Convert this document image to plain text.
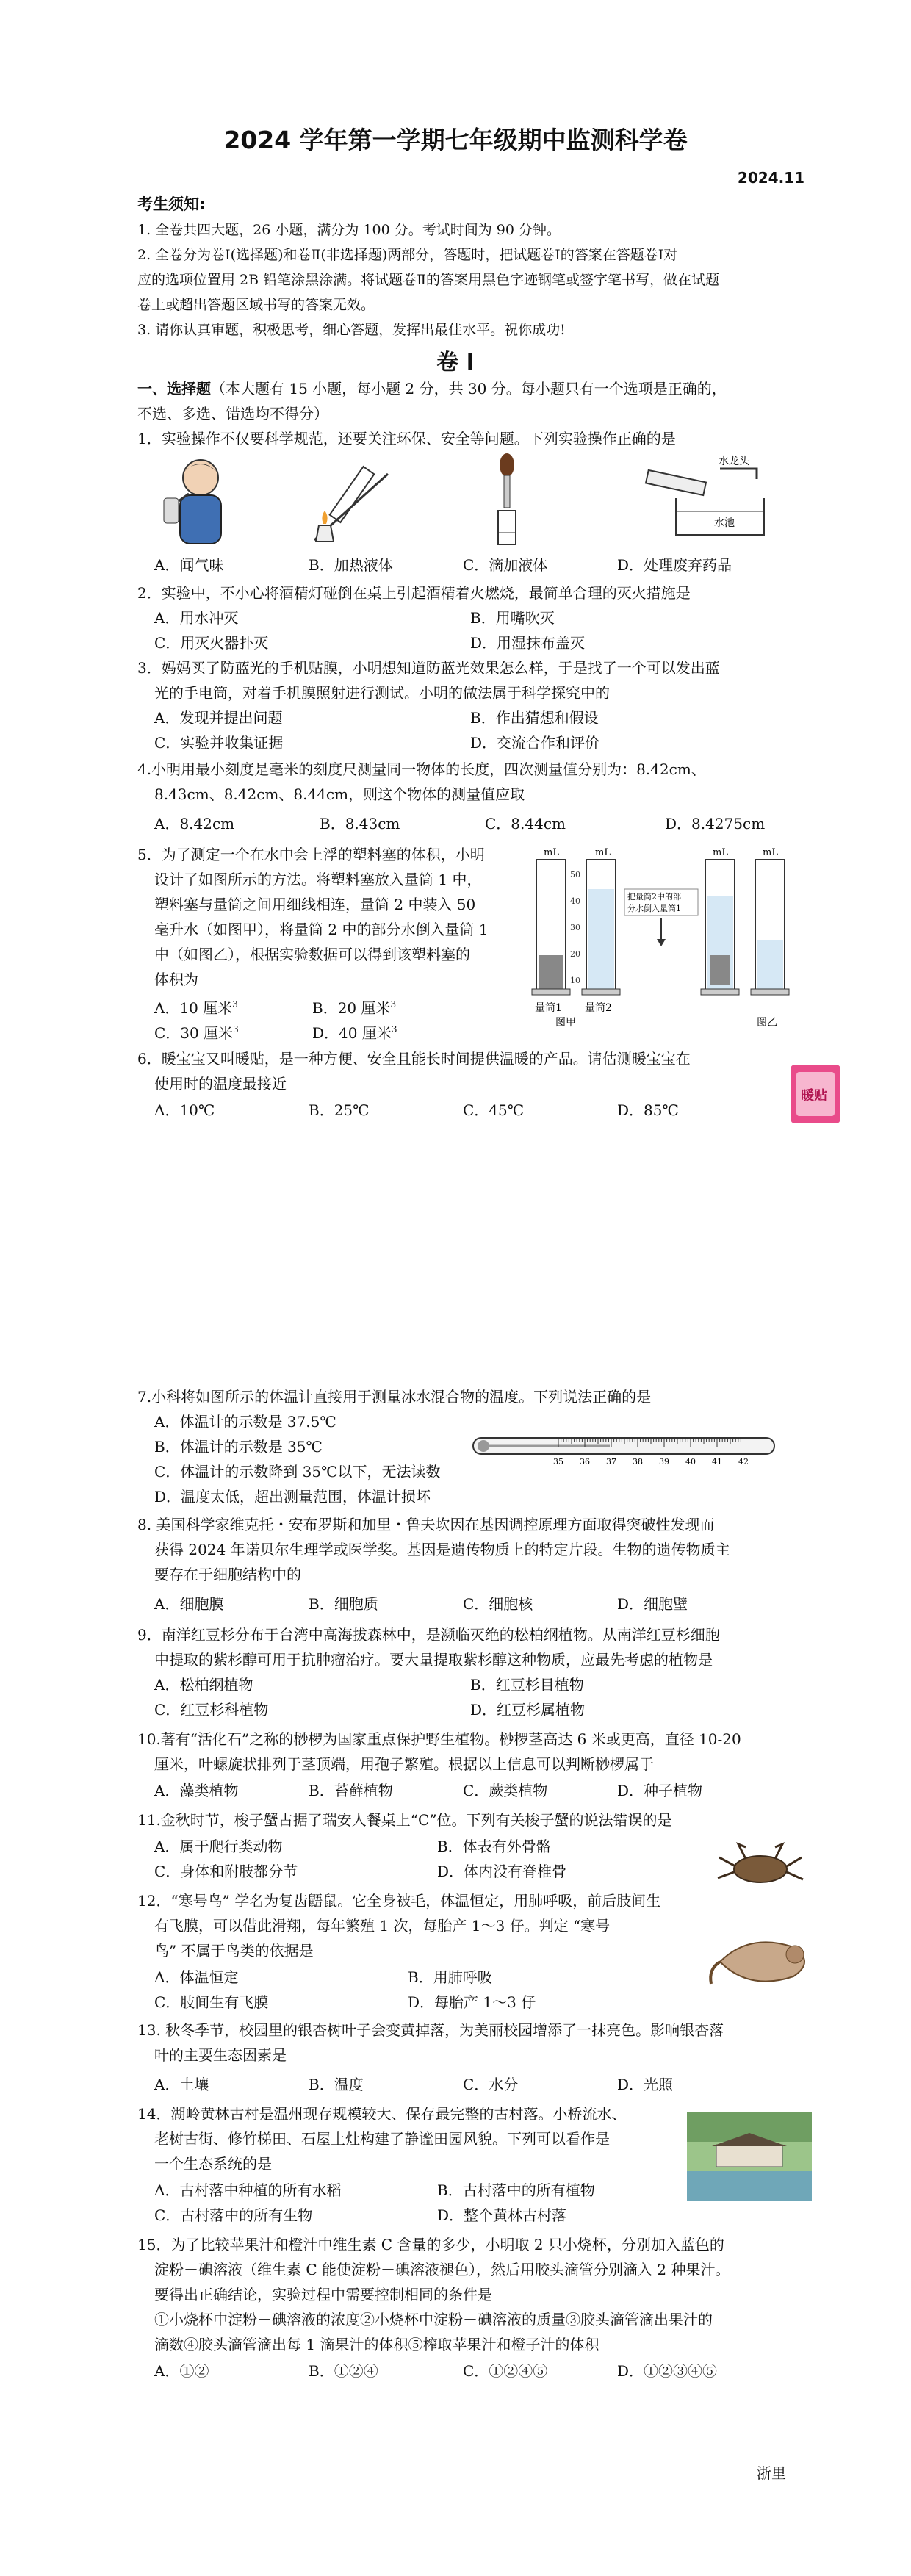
2024 学年第一学期七年级期中监测科学卷
2024.11
考生须知:
1. 全卷共四大题，26 小题，满分为 100 分。考试时间为 90 分钟。
2. 全卷分为卷Ⅰ(选择题)和卷Ⅱ(非选择题)两部分，答题时，把试题卷Ⅰ的答案在答题卷Ⅰ对
应的选项位置用 2B 铅笔涂黑涂满。将试题卷Ⅱ的答案用黑色字迹钢笔或签字笔书写，做在试题
卷上或超出答题区域书写的答案无效。
3. 请你认真审题，积极思考，细心答题，发挥出最佳水平。祝你成功!
卷 Ⅰ
一、选择题（本大题有 15 小题，每小题 2 分，共 30 分。每小题只有一个选项是正确的，
不选、多选、错选均不得分）
1．实验操作不仅要科学规范，还要关注环保、安全等问题。下列实验操作正确的是
水龙头
水池
A．闻气味	B．加热液体	C．滴加液体	D．处理废弃药品
2．实验中，不小心将酒精灯碰倒在桌上引起酒精着火燃烧，最简单合理的灭火措施是
A．用水冲灭	B．用嘴吹灭
C．用灭火器扑灭	D．用湿抹布盖灭
3．妈妈买了防蓝光的手机贴膜，小明想知道防蓝光效果怎么样，于是找了一个可以发出蓝
光的手电筒，对着手机膜照射进行测试。小明的做法属于科学探究中的
A．发现并提出问题	B．作出猜想和假设
C．实验并收集证据	D．交流合作和评价
4.小明用最小刻度是毫米的刻度尺测量同一物体的长度，四次测量值分别为：8.42cm、
8.43cm、8.42cm、8.44cm，则这个物体的测量值应取
A．8.42cm	B．8.43cm	C．8.44cm	D．8.4275cm
5．为了测定一个在水中会上浮的塑料塞的体积，小明
设计了如图所示的方法。将塑料塞放入量筒 1 中，
塑料塞与量筒之间用细线相连，量筒 2 中装入 50
毫升水（如图甲），将量筒 2 中的部分水倒入量筒 1
中（如图乙），根据实验数据可以得到该塑料塞的
体积为
A．10 厘米$^3$	B．20 厘米$^3$
C．30 厘米$^3$	D．40 厘米$^3$
mL
mL
50
40
30
20
10
量筒1 量筒2
图甲
把量筒2中的部
分水倒入量筒1
mL	mL
图乙
6．暖宝宝又叫暖贴，是一种方便、安全且能长时间提供温暖的产品。请估测暖宝宝在
使用时的温度最接近
A．10℃	B．25℃	C．45℃	D．85℃
暖贴
7.小科将如图所示的体温计直接用于测量冰水混合物的温度。下列说法正确的是
A．体温计的示数是 37.5℃
B．体温计的示数是 35℃
C．体温计的示数降到 35℃以下，无法读数
D．温度太低，超出测量范围，体温计损坏
35 36 37 38 39 40 41 42
8. 美国科学家维克托・安布罗斯和加里・鲁夫坎因在基因调控原理方面取得突破性发现而
获得 2024 年诺贝尔生理学或医学奖。基因是遗传物质上的特定片段。生物的遗传物质主
要存在于细胞结构中的
A．细胞膜	B．细胞质	C．细胞核	D．细胞壁
9．南洋红豆杉分布于台湾中高海拔森林中，是濒临灭绝的松柏纲植物。从南洋红豆杉细胞
中提取的紫杉醇可用于抗肿瘤治疗。要大量提取紫杉醇这种物质，应最先考虑的植物是
A．松柏纲植物	B．红豆杉目植物
C．红豆杉科植物	D．红豆杉属植物
10.著有“活化石”之称的桫椤为国家重点保护野生植物。桫椤茎高达 6 米或更高，直径 10-20
厘米，叶螺旋状排列于茎顶端，用孢子繁殖。根据以上信息可以判断桫椤属于
A．藻类植物	B．苔藓植物	C．蕨类植物	D．种子植物
11.金秋时节，梭子蟹占据了瑞安人餐桌上“C”位。下列有关梭子蟹的说法错误的是
A．属于爬行类动物	B．体表有外骨骼
C．身体和附肢都分节	D．体内没有脊椎骨
12．“寒号鸟” 学名为复齿鼯鼠。它全身被毛，体温恒定，用肺呼吸，前后肢间生
有飞膜，可以借此滑翔，每年繁殖 1 次，每胎产 1～3 仔。判定 “寒号
鸟” 不属于鸟类的依据是
A．体温恒定	B．用肺呼吸
C．肢间生有飞膜	D．每胎产 1～3 仔
13. 秋冬季节，校园里的银杏树叶子会变黄掉落，为美丽校园增添了一抹亮色。影响银杏落
叶的主要生态因素是
A．土壤	B．温度	C．水分	D．光照
14．湖岭黄林古村是温州现存规模较大、保存最完整的古村落。小桥流水、
老树古街、修竹梯田、石屋土灶构建了静谧田园风貌。下列可以看作是
一个生态系统的是
A．古村落中种植的所有水稻	B．古村落中的所有植物
C．古村落中的所有生物	D．整个黄林古村落
15．为了比较苹果汁和橙汁中维生素 C 含量的多少，小明取 2 只小烧杯，分别加入蓝色的
淀粉－碘溶液（维生素 C 能使淀粉－碘溶液褪色），然后用胶头滴管分别滴入 2 种果汁。
要得出正确结论，实验过程中需要控制相同的条件是
①小烧杯中淀粉－碘溶液的浓度②小烧杯中淀粉－碘溶液的质量③胶头滴管滴出果汁的
滴数④胶头滴管滴出每 1 滴果汁的体积⑤榨取苹果汁和橙子汁的体积
A．①②	B．①②④	C．①②④⑤	D．①②③④⑤
浙里
